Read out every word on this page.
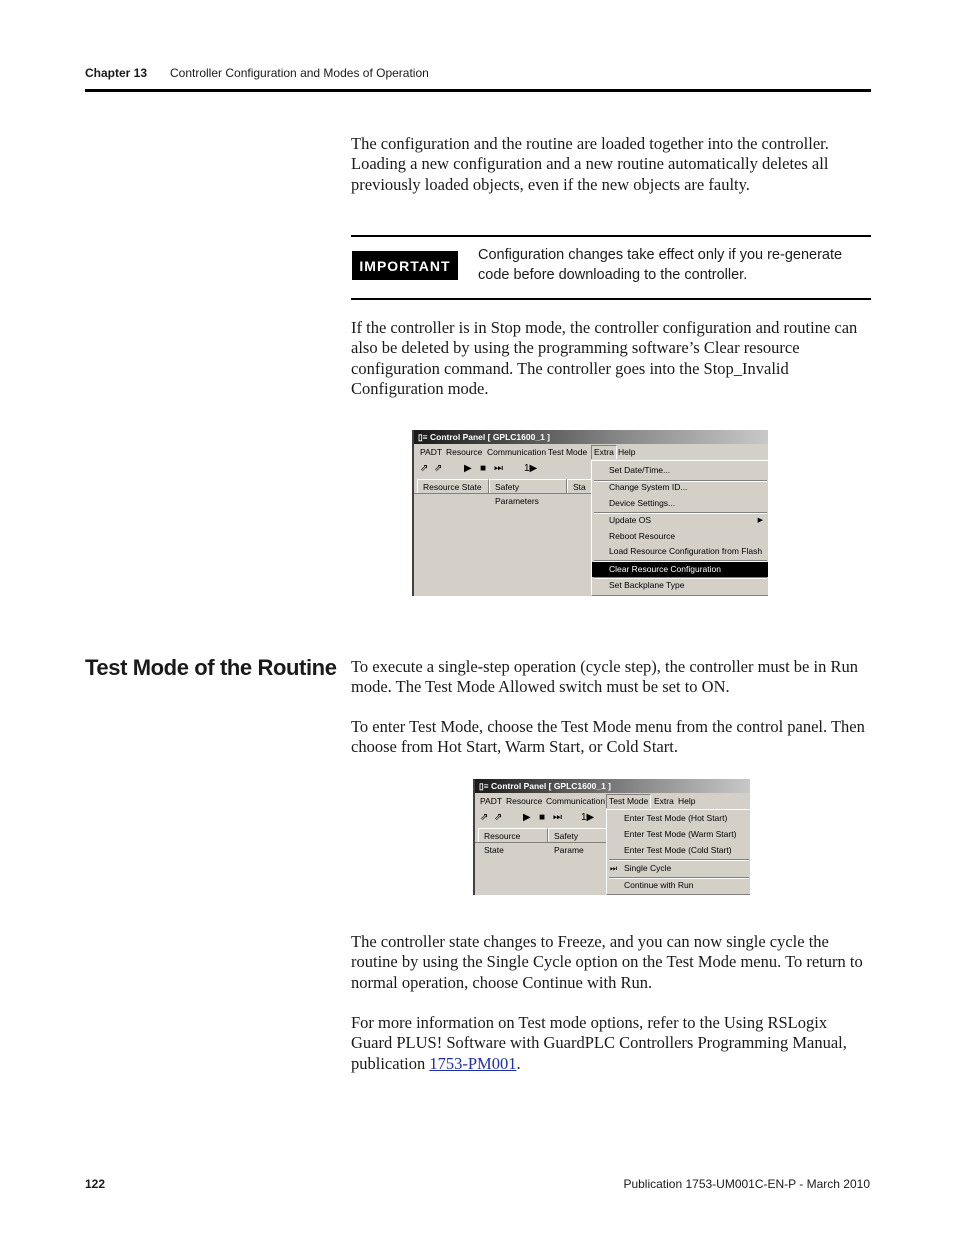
Chapter 13 Controller Configuration and Modes of Operation
The configuration and the routine are loaded together into the controller. Loading a new configuration and a new routine automatically deletes all previously loaded objects, even if the new objects are faulty.
IMPORTANT
Configuration changes take effect only if you re-generate code before downloading to the controller.
If the controller is in Stop mode, the controller configuration and routine can also be deleted by using the programming software’s Clear resource configuration command. The controller goes into the Stop_Invalid Configuration mode.
▯≡ Control Panel [ GPLC1600_1 ]
PADT Resource Communication Test Mode Extra Help
⇗ ⇗ ▶ ■ ⏭ 1▶
Resource State	Safety Parameters
Sta
Set Date/Time...
Change System ID...
Device Settings...
Update OS	▶
Reboot Resource
Load Resource Configuration from Flash
Clear Resource Configuration
Set Backplane Type
Test Mode of the Routine To execute a single-step operation (cycle step), the controller must be in Run mode. The Test Mode Allowed switch must be set to ON.
To enter Test Mode, choose the Test Mode menu from the control panel. Then choose from Hot Start, Warm Start, or Cold Start.
▯≡ Control Panel [ GPLC1600_1 ]
PADT Resource Communication Test Mode Extra Help
⇗ ⇗ ▶ ■ ⏭ 1▶
Resource State
Safety Parame
Enter Test Mode (Hot Start)
Enter Test Mode (Warm Start)
Enter Test Mode (Cold Start)
⏭ Single Cycle
Continue with Run
The controller state changes to Freeze, and you can now single cycle the routine by using the Single Cycle option on the Test Mode menu. To return to normal operation, choose Continue with Run.
For more information on Test mode options, refer to the Using RSLogix Guard PLUS! Software with GuardPLC Controllers Programming Manual, publication 1753-PM001.
122	Publication 1753-UM001C-EN-P - March 2010
